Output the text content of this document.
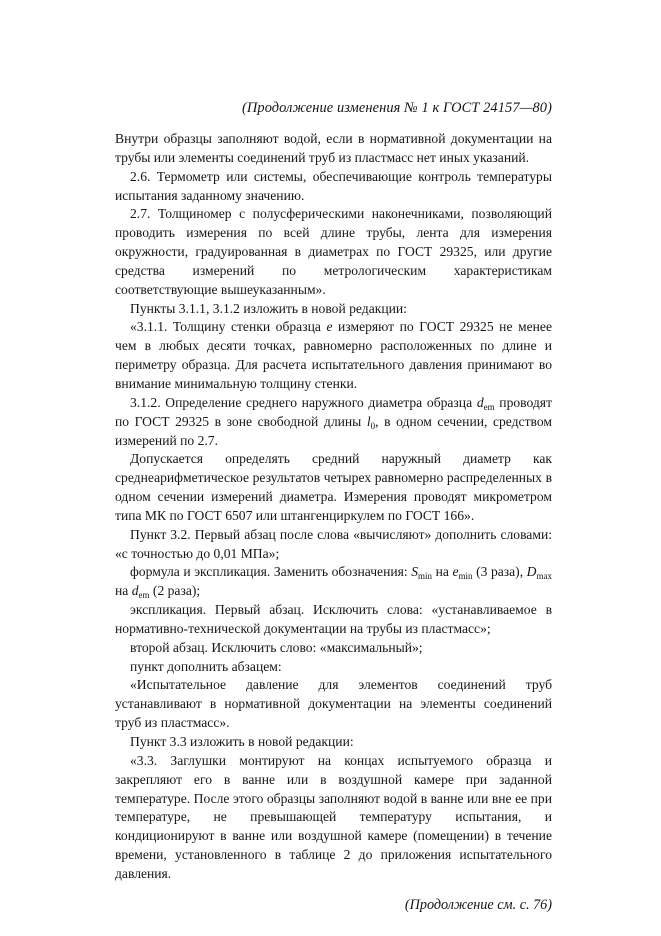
(Продолжение изменения № 1 к ГОСТ 24157—80)

Внутри образцы заполняют водой, если в нормативной документации на трубы или элементы соединений труб из пластмасс нет иных указаний.

2.6. Термометр или системы, обеспечивающие контроль температуры испытания заданному значению.

2.7. Толщиномер с полусферическими наконечниками, позволяющий проводить измерения по всей длине трубы, лента для измерения окружности, градуированная в диаметрах по ГОСТ 29325, или другие средства измерений по метрологическим характеристикам соответствующие вышеуказанным».

Пункты 3.1.1, 3.1.2 изложить в новой редакции:

«3.1.1. Толщину стенки образца e измеряют по ГОСТ 29325 не менее чем в любых десяти точках, равномерно расположенных по длине и периметру образца. Для расчета испытательного давления принимают во внимание минимальную толщину стенки.

3.1.2. Определение среднего наружного диаметра образца $d_{em}$ проводят по ГОСТ 29325 в зоне свободной длины $l_0$, в одном сечении, средством измерений по 2.7.

Допускается определять средний наружный диаметр как среднеарифметическое результатов четырех равномерно распределенных в одном сечении измерений диаметра. Измерения проводят микрометром типа МК по ГОСТ 6507 или штангенциркулем по ГОСТ 166».

Пункт 3.2. Первый абзац после слова «вычисляют» дополнить словами: «с точностью до 0,01 МПа»;

формула и экспликация. Заменить обозначения: $S_{min}$ на $e_{min}$ (3 раза), $D_{max}$ на $d_{em}$ (2 раза);

экспликация. Первый абзац. Исключить слова: «устанавливаемое в нормативно-технической документации на трубы из пластмасс»;

второй абзац. Исключить слово: «максимальный»;

пункт дополнить абзацем:

«Испытательное давление для элементов соединений труб устанавливают в нормативной документации на элементы соединений труб из пластмасс».

Пункт 3.3 изложить в новой редакции:

«3.3. Заглушки монтируют на концах испытуемого образца и закрепляют его в ванне или в воздушной камере при заданной температуре. После этого образцы заполняют водой в ванне или вне ее при температуре, не превышающей температуру испытания, и кондиционируют в ванне или воздушной камере (помещении) в течение времени, установленного в таблице 2 до приложения испытательного давления.

(Продолжение см. с. 76)
